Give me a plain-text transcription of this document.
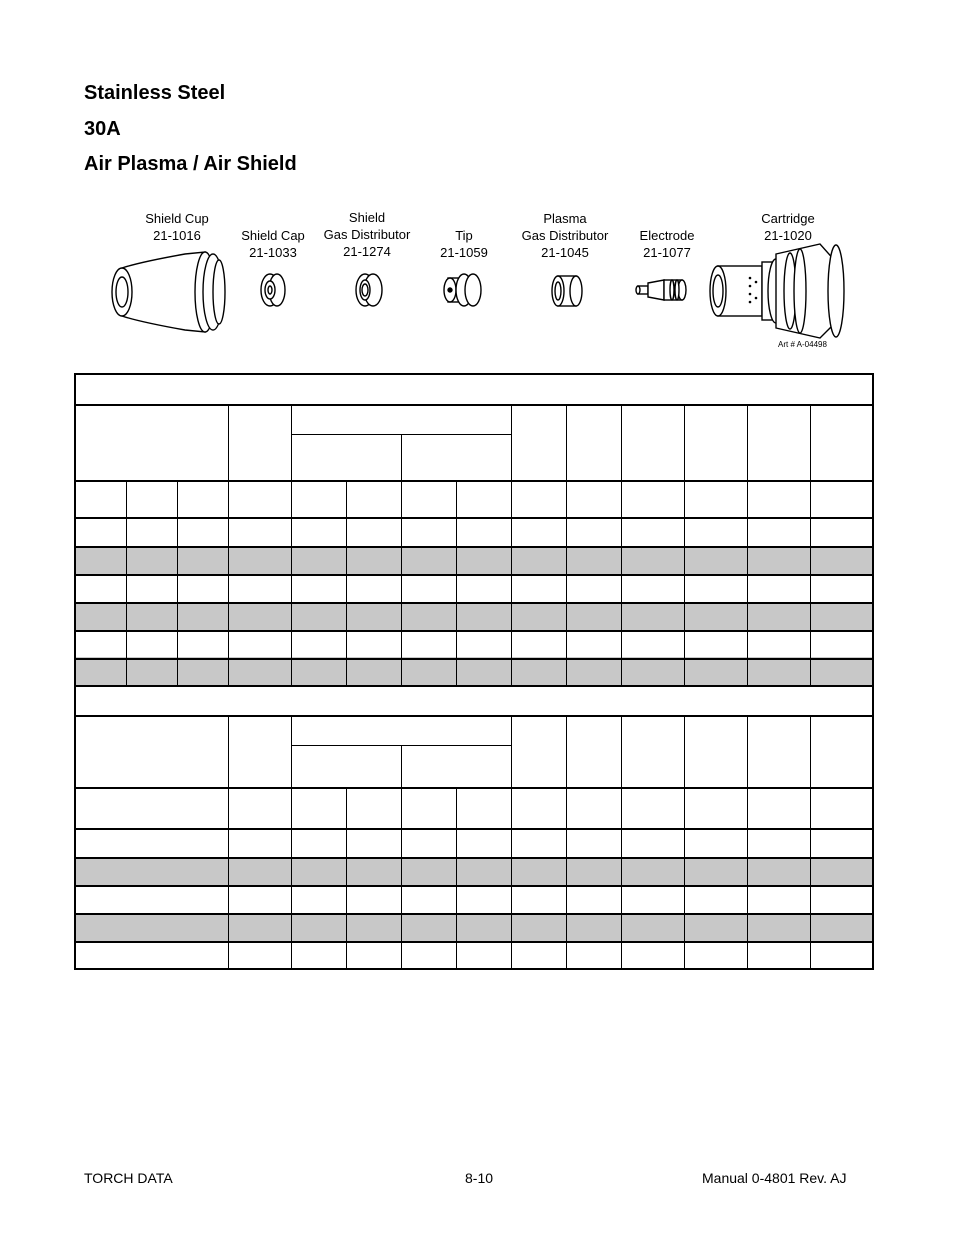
Stainless Steel
30A
Air Plasma / Air Shield
Shield Cup
21-1016	Shield Cap
21-1033
Shield
Gas Distributor
21-1274
Tip
21-1059
Plasma
Gas Distributor
21-1045
Electrode
21-1077
Cartridge
21-1020
Art # A-04498
TORCH DATA	8-10	Manual 0-4801 Rev. AJ
